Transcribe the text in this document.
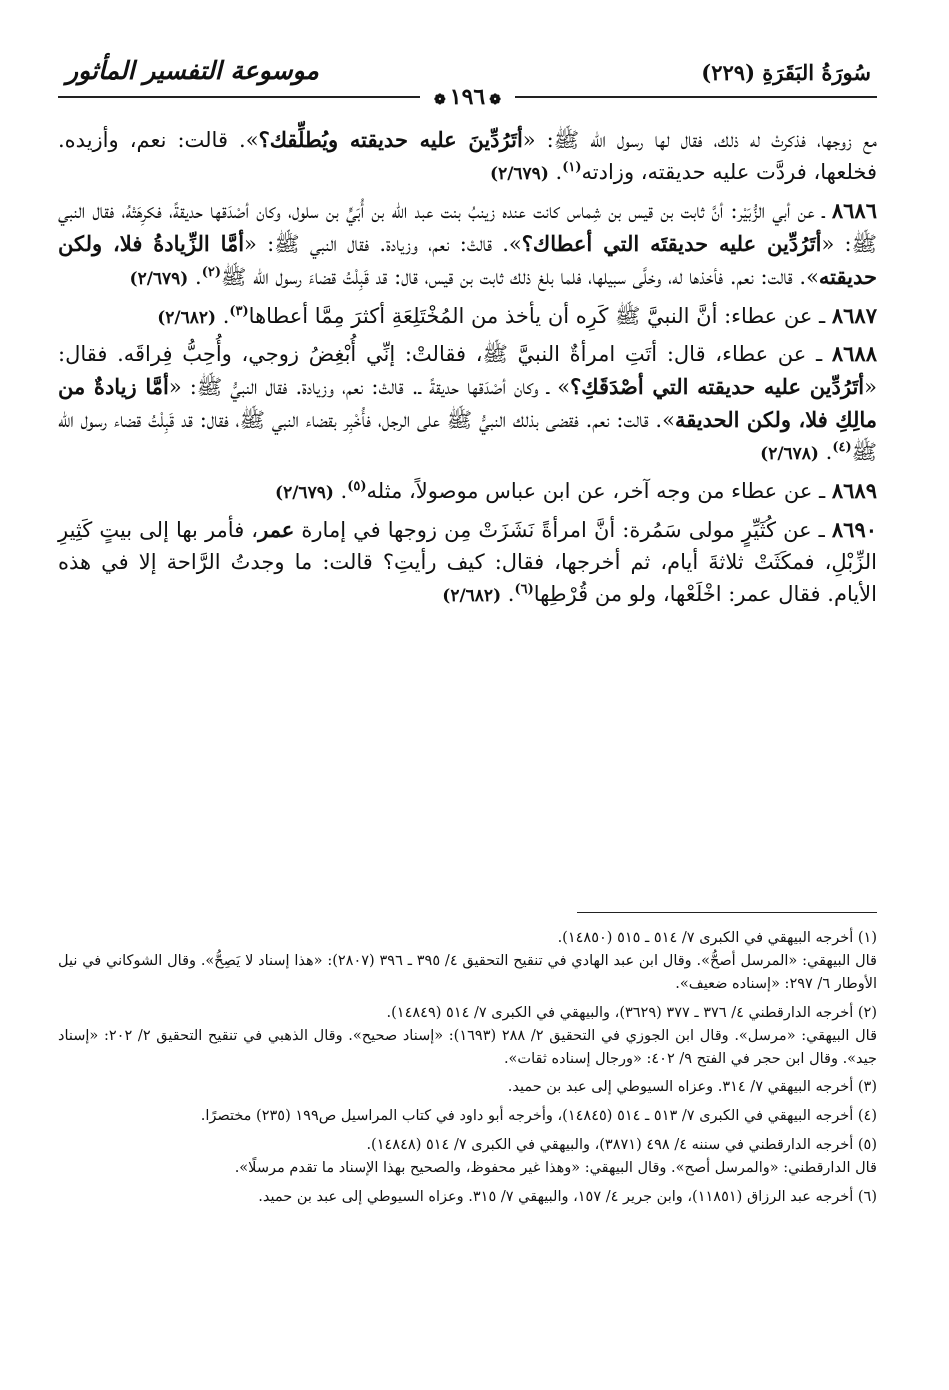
سُورَةُ البَقَرَةِ (٢٢٩)
موسوعة التفسير المأثور
❁١٩٦❁

مع زوجها، فذكرتْ له ذلك، فقال لها رسول الله ﷺ: «أتَرُدِّينَ عليه حديقته ويُطلِّقك؟». قالت: نعم، وأزيده. فخلعها، فردَّت عليه حديقته، وزادته$^{(١)}$. (٢/٦٧٩)

٨٦٨٦ ـ عن أبي الزُّبَيْر: أنَّ ثابت بن قيس بن شِماس كانت عنده زينبُ بنت عبد الله بن أُبَيٍّ بن سلول، وكان أصْدَقها حديقةً، فكرِهَتْهُ، فقال النبي ﷺ: «أتَرُدِّين عليه حديقتَه التي أعطاك؟». قالتْ: نعم، وزيادة. فقال النبي ﷺ: «أمَّا الزِّيادةُ فلا، ولكن حديقته». قالت: نعم. فأخذها له، وخلَّى سبيلها، فلما بلغ ذلك ثابت بن قيس، قال: قد قَبِلْتُ قضاءَ رسول الله ﷺ$^{(٢)}$. (٢/٦٧٩)

٨٦٨٧ ـ عن عطاء: أنَّ النبيَّ ﷺ كَرِه أن يأخذ من المُخْتَلِعَةِ أكثرَ مِمَّا أعطاها$^{(٣)}$. (٢/٦٨٢)

٨٦٨٨ ـ عن عطاء، قال: أتَتِ امرأةٌ النبيَّ ﷺ، فقالتْ: إنِّي أُبْغِضُ زوجي، وأُحِبُّ فِراقَه. فقال: «أتَرُدِّين عليه حديقته التي أصْدَقَكِ؟» ـ وكان أصْدَقها حديقةً ـ. قالتْ: نعم، وزيادة. فقال النبيُّ ﷺ: «أمَّا زيادةٌ من مالِكِ فلا، ولكن الحديقة». قالت: نعم. فقضى بذلك النبيُّ ﷺ على الرجل، فأُخْبِر بقضاء النبي ﷺ، فقال: قد قَبِلْتُ قضاء رسول الله ﷺ$^{(٤)}$. (٢/٦٧٨)

٨٦٨٩ ـ عن عطاء من وجه آخر، عن ابن عباس موصولاً، مثله$^{(٥)}$. (٢/٦٧٩)

٨٦٩٠ ـ عن كُثَيِّرٍ مولى سَمُرة: أنَّ امرأةً نَشَزَتْ مِن زوجها في إمارة عمر، فأمر بها إلى بيتٍ كَثِيرِ الزِّبْلِ، فمكَثَتْ ثلاثةَ أيام، ثم أخرجها، فقال: كيف رأيتِ؟ قالت: ما وجدتُ الرَّاحة إلا في هذه الأيام. فقال عمر: اخْلَعْها، ولو من قُرْطِها$^{(٦)}$. (٢/٦٨٢)

(١) أخرجه البيهقي في الكبرى ٧/ ٥١٤ ـ ٥١٥ (١٤٨٥٠).
قال البيهقي: «المرسل أصحُّ». وقال ابن عبد الهادي في تنقيح التحقيق ٤/ ٣٩٥ ـ ٣٩٦ (٢٨٠٧): «هذا إسناد لا يَصِحُّ». وقال الشوكاني في نيل الأوطار ٦/ ٢٩٧: «إسناده ضعيف».
(٢) أخرجه الدارقطني ٤/ ٣٧٦ ـ ٣٧٧ (٣٦٢٩)، والبيهقي في الكبرى ٧/ ٥١٤ (١٤٨٤٩).
قال البيهقي: «مرسل». وقال ابن الجوزي في التحقيق ٢/ ٢٨٨ (١٦٩٣): «إسناد صحيح». وقال الذهبي في تنقيح التحقيق ٢/ ٢٠٢: «إسناد جيد». وقال ابن حجر في الفتح ٩/ ٤٠٢: «ورجال إسناده ثقات».
(٣) أخرجه البيهقي ٧/ ٣١٤. وعزاه السيوطي إلى عبد بن حميد.
(٤) أخرجه البيهقي في الكبرى ٧/ ٥١٣ ـ ٥١٤ (١٤٨٤٥)، وأخرجه أبو داود في كتاب المراسيل ص١٩٩ (٢٣٥) مختصرًا.
(٥) أخرجه الدارقطني في سننه ٤/ ٤٩٨ (٣٨٧١)، والبيهقي في الكبرى ٧/ ٥١٤ (١٤٨٤٨).
قال الدارقطني: «والمرسل أصح». وقال البيهقي: «وهذا غير محفوظ، والصحيح بهذا الإسناد ما تقدم مرسلًا».
(٦) أخرجه عبد الرزاق (١١٨٥١)، وابن جرير ٤/ ١٥٧، والبيهقي ٧/ ٣١٥. وعزاه السيوطي إلى عبد بن حميد.
